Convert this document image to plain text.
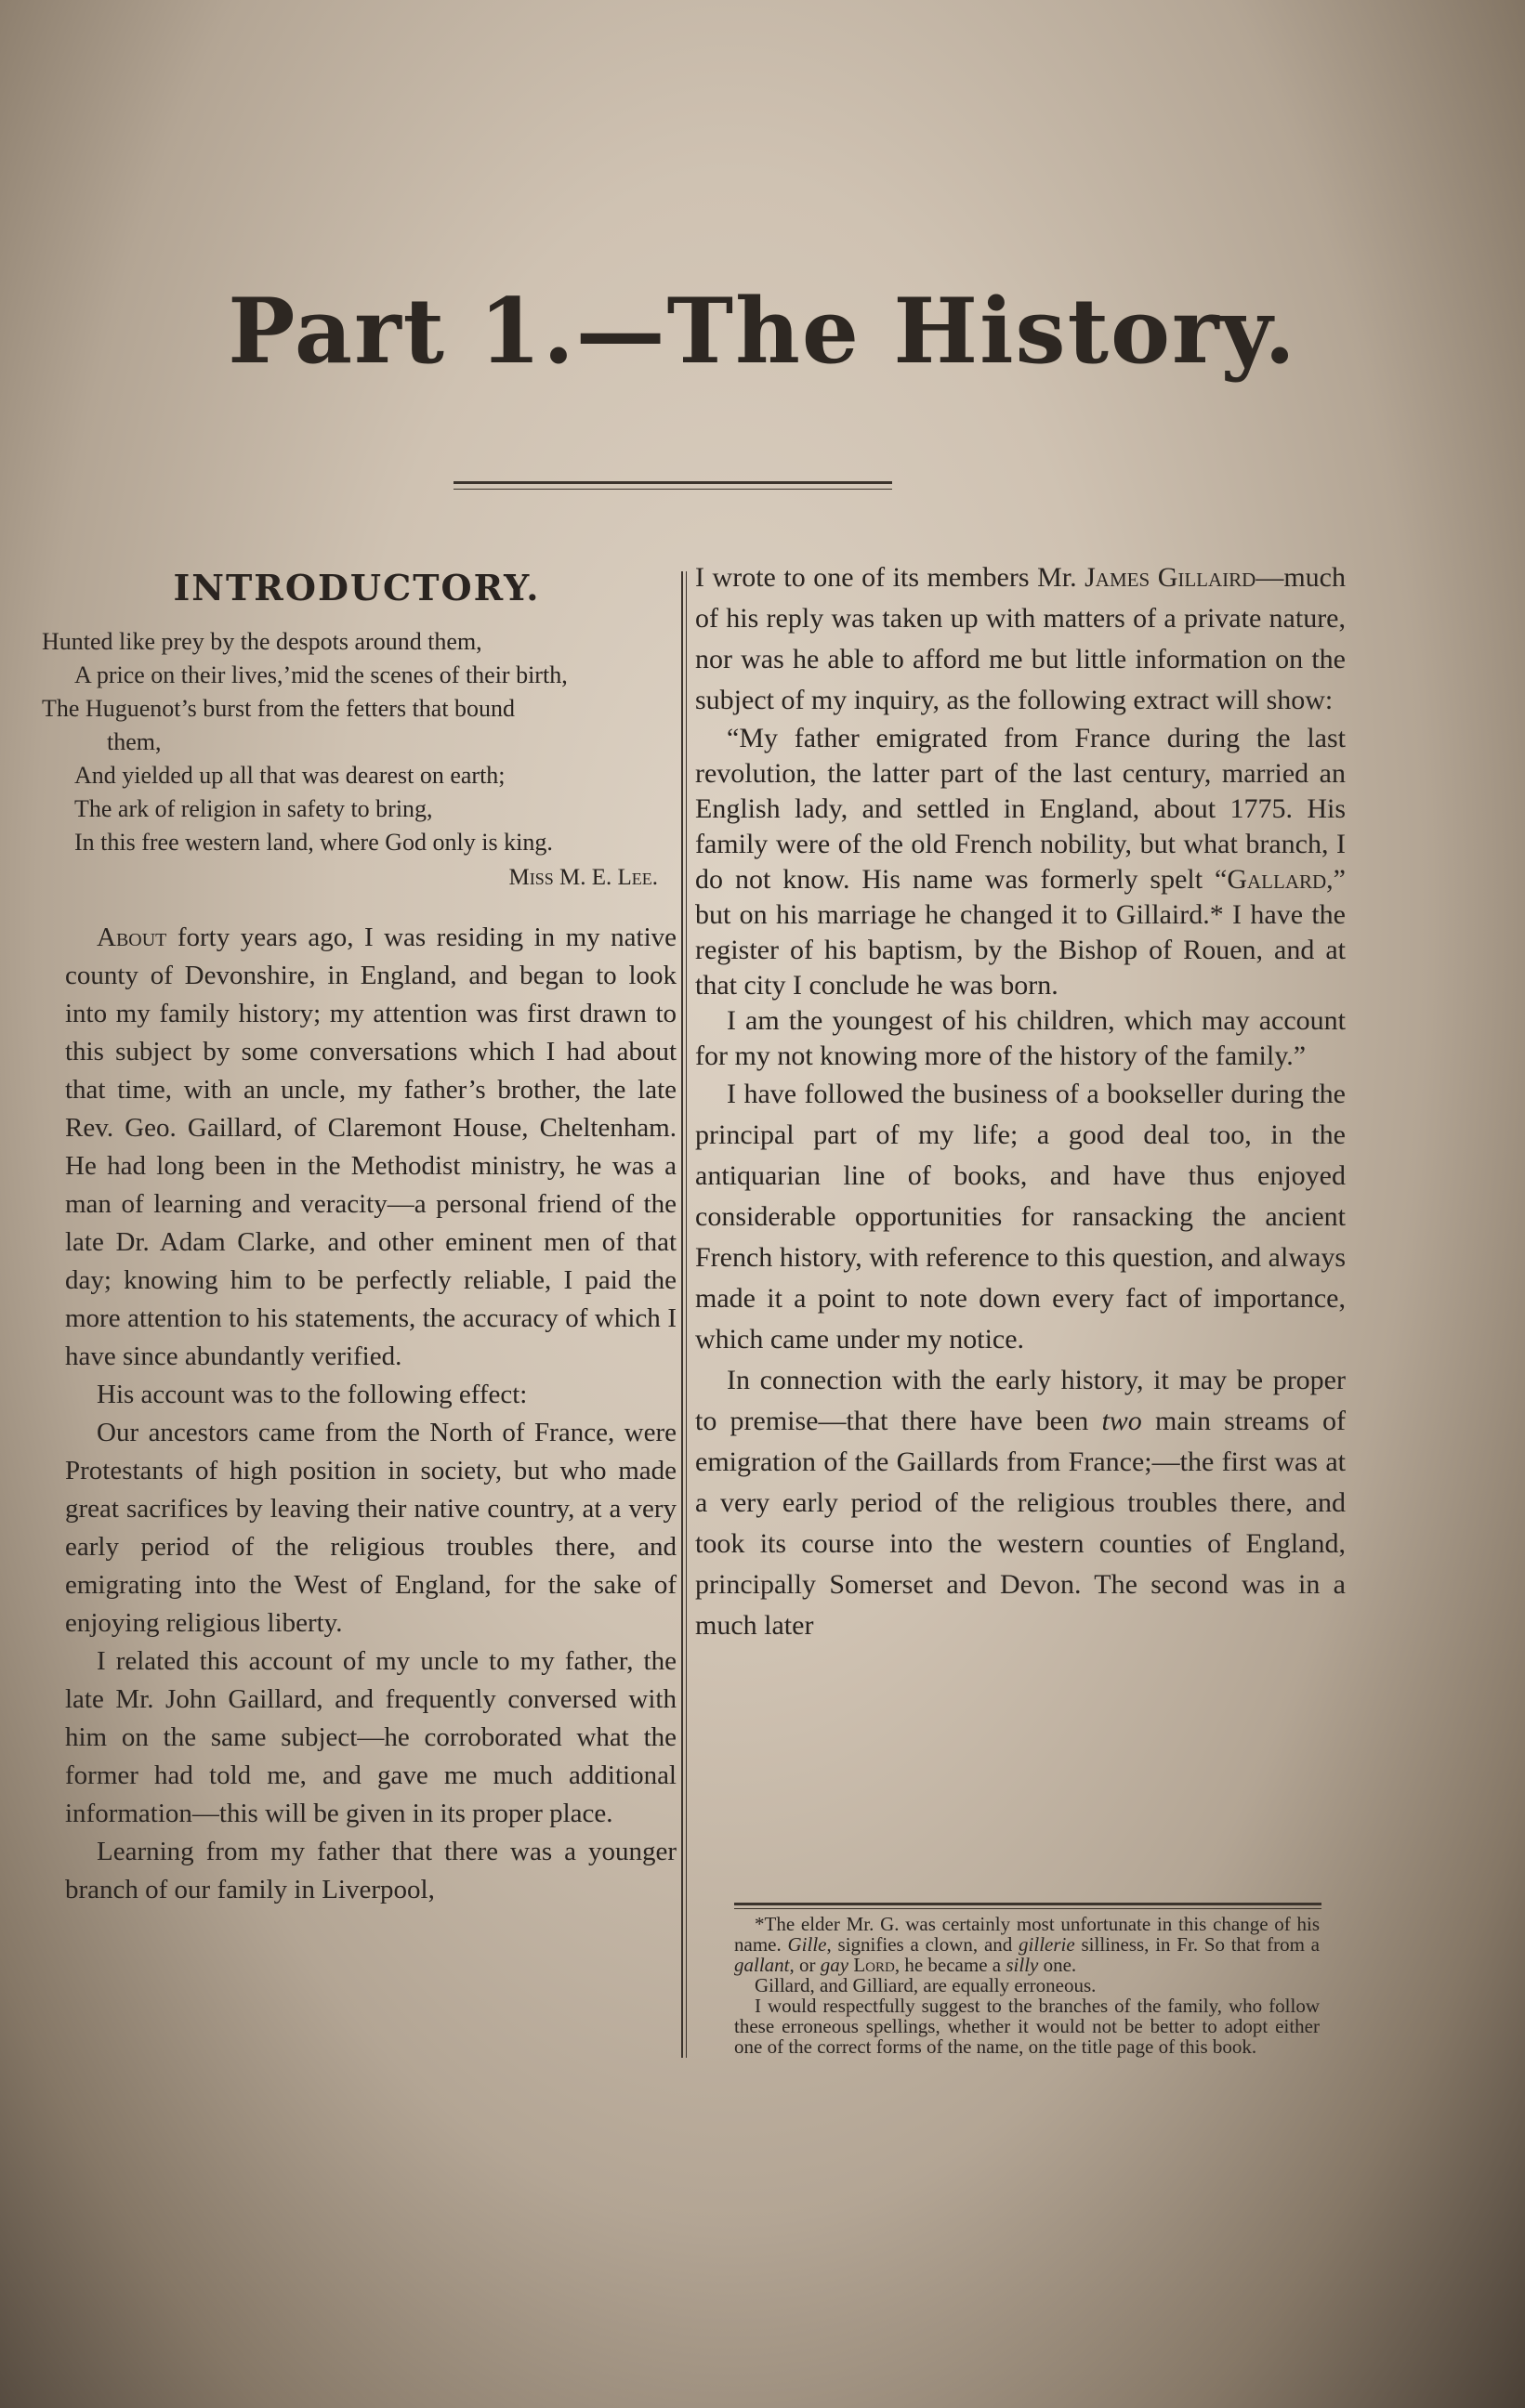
Part 1.—The History.
INTRODUCTORY.
Hunted like prey by the despots around them,
A price on their lives,’mid the scenes of their birth,
The Huguenot’s burst from the fetters that bound
them,
And yielded up all that was dearest on earth;
The ark of religion in safety to bring,
In this free western land, where God only is king.
Miss M. E. Lee.

About forty years ago, I was residing in my native county of Devonshire, in England, and began to look into my family history; my attention was first drawn to this subject by some conversations which I had about that time, with an uncle, my father’s brother, the late Rev. Geo. Gaillard, of Claremont House, Cheltenham. He had long been in the Methodist ministry, he was a man of learning and veracity—a personal friend of the late Dr. Adam Clarke, and other eminent men of that day; knowing him to be perfectly reliable, I paid the more attention to his statements, the accuracy of which I have since abundantly verified.

His account was to the following effect:

Our ancestors came from the North of France, were Protestants of high position in society, but who made great sacrifices by leaving their native country, at a very early period of the religious troubles there, and emigrating into the West of England, for the sake of enjoying religious liberty.

I related this account of my uncle to my father, the late Mr. John Gaillard, and frequently conversed with him on the same subject—he corroborated what the former had told me, and gave me much additional information—this will be given in its proper place.

Learning from my father that there was a younger branch of our family in Liverpool,

I wrote to one of its members Mr. James Gillaird—much of his reply was taken up with matters of a private nature, nor was he able to afford me but little information on the subject of my inquiry, as the following extract will show:

“My father emigrated from France during the last revolution, the latter part of the last century, married an English lady, and settled in England, about 1775. His family were of the old French nobility, but what branch, I do not know. His name was formerly spelt “Gallard,” but on his marriage he changed it to Gillaird.* I have the register of his baptism, by the Bishop of Rouen, and at that city I conclude he was born.

I am the youngest of his children, which may account for my not knowing more of the history of the family.”

I have followed the business of a bookseller during the principal part of my life; a good deal too, in the antiquarian line of books, and have thus enjoyed considerable opportunities for ransacking the ancient French history, with reference to this question, and always made it a point to note down every fact of importance, which came under my notice.

In connection with the early history, it may be proper to premise—that there have been two main streams of emigration of the Gaillards from France;—the first was at a very early period of the religious troubles there, and took its course into the western counties of England, principally Somerset and Devon. The second was in a much later

*The elder Mr. G. was certainly most unfortunate in this change of his name. Gille, signifies a clown, and gillerie silliness, in Fr. So that from a gallant, or gay Lord, he became a silly one.

Gillard, and Gilliard, are equally erroneous.

I would respectfully suggest to the branches of the family, who follow these erroneous spellings, whether it would not be better to adopt either one of the correct forms of the name, on the title page of this book.
